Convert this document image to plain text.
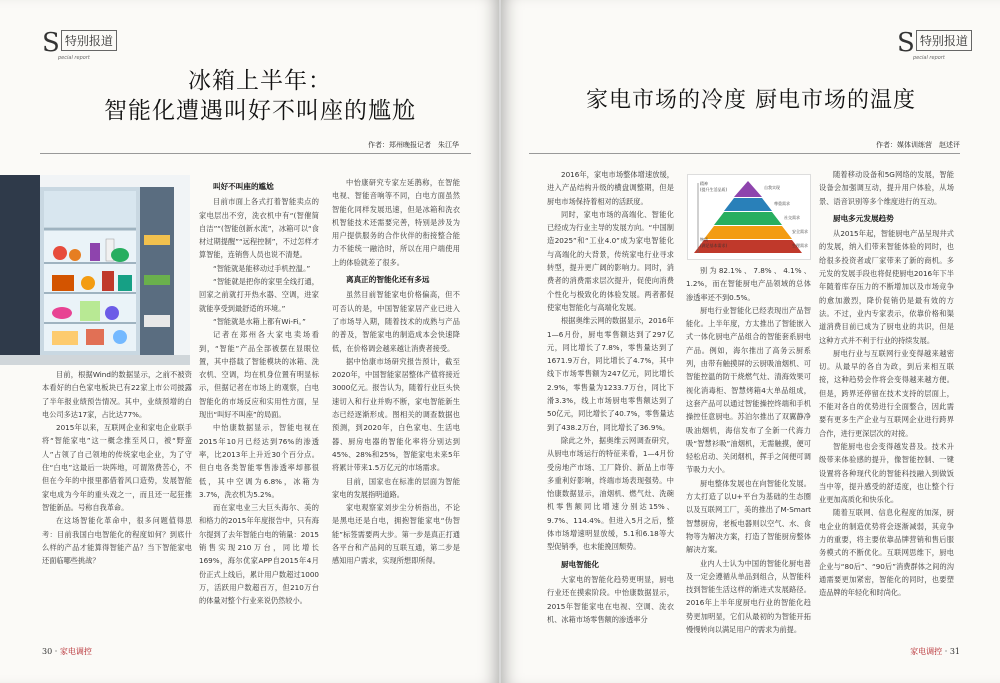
S 特别报道
pecial report
冰箱上半年：
智能化遭遇叫好不叫座的尴尬
作者：郑州晚报记者　朱江华

目前，根据Wind的数据显示，之前不被资本看好的白色家电板块已有22家上市公司披露了半年报业绩预告情况。其中，业绩预增的白电公司多达17家，占比达77%。

2015年以来，互联网企业和家电企业联手将“智能家电”这一概念推至风口，被“野蛮人”占领了自己领地的传统家电企业，为了守住“白电”这最后一块阵地，可谓煞费苦心，不但在今年的中报里都借着风口造势，发展智能家电成为今年的重头戏之一，而且还一起狂推智能新品。号称自我革命。

在这场智能化革命中，很多问题值得思考：目前我国白电智能化的程度如何？到底什么样的产品才能算得智能产品？当下智能家电还面临哪些挑战？

叫好不叫座的尴尬

目前市面上各式打着智能卖点的家电层出不穷，洗衣机中有“(智催简自洁”“(智能创新水流”，冰箱可以“食材过期提醒”“远程控制”，不过怎样才算智能，连销售人员也说不清楚。

“智能就是能移动过手机控温。”

“智能就是把你的家里全线打通，回家之前就打开热水器、空调，进家就能享受到最舒适的环境。”

“智能就是水箱上都有Wi-Fi。”

记者在郑州各大家电卖场看到，“智能”产品全部被摆在显眼位置，其中搭载了智能模块的冰箱、洗衣机、空调，均在机身位置有明显标示，但据记者在市场上的观察，白电智能化的市场反应和实用性方面，呈现出“叫好不叫座”的局面。

中怡康数据显示，智能电视在2015年10月已经达到76%的渗透率，比2013年上升近30个百分点。但白电各类智能零售渗透率却都很低，其中空调为6.8%，冰箱为3.7%，洗衣机为5.2%。

而在家电业三大巨头海尔、美的和格力的2015年年度报告中，只有海尔提到了去年智能白电的销量：2015销售实现210万台，同比增长169%，海尔优家APP自2015年4月份正式上线后，累计用户数超过1000万，活跃用户数超百万，但210万台的体量对整个行业来说仍然较小。

中怡康研究专家左延鹊称，在智能电视、智能音响等不同，白电方面虽然智能化同样发展迅速，但是冰箱和洗衣机智能技术还需要完善，特别是涉及为用户提供服务的合作伙伴的衔接整合能力不能统一融洽时，所以在用户端使用上的体验就差了很多。

离真正的智能化还有多远

虽然目前智能家电价格偏高，但不可否认的是，中国智能家居产业已进入了市场导入期，随着技术的成熟与产品的普及，智能家电的制造成本会快速降低，在价格调会越来越让消费者接受。

据中怡康市场研究报告预计，截至2020年，中国智能家居整体产值将接近3000亿元。报告认为，随着行业巨头快速切入和行业并购不断，家电智能新生态已经逐渐形成。图相关的调查数据也预测，到2020年，白色家电、生活电器、厨房电器的智能化率将分别达到45%、28%和25%，智能家电未来5年将累计带来1.5万亿元的市场需求。

目前，国家也在标准的层面为智能家电的发展指明道路。

家电观察家刘步尘分析指出，不论是黑电还是白电，拥抱智能家电“伪智能”标签需要两大步。第一步是真正打通各平台和产品间的互联互通，第二步是感知用户需求，实现所想即所得。

30 · 家电调控
S 特别报道
pecial report
家电市场的冷度 厨电市场的温度
作者：媒体训练营　赵述评

2016年，家电市场整体增速放缓，进入产品结构升级的横盘调整期，但是厨电市场保持着相对的活跃度。

同时，家电市场的高端化、智能化已经成为行业主导的发展方向。“中国制造2025”和“工业4.0”成为家电智能化与高端化的大背景，传统家电行业寻求转型，提升更广阔的影响力。同时，消费者的消费需求层次提升，促使向消费个性化与极致化的体验发展。两者都促使家电智能化与高端化发展。

根据奥维云网的数据显示，2016年1—6月份，厨电零售额达到了297亿元，同比增长了7.8%，零售量达到了1671.9万台，同比增长了4.7%，其中线下市场零售额为247亿元，同比增长2.9%，零售量为1233.7万台，同比下滑3.3%，线上市场厨电零售额达到了50亿元，同比增长了40.7%，零售量达到了438.2万台，同比增长了36.9%。

除此之外，据奥维云网调查研究，从厨电市场运行的特征来看，1—4月份受房地产市场、工厂降价、新品上市等多重利好影响，终端市场表现强势。中怡康数据显示，油烟机、燃气灶、洗碗机零售额同比增速分别达15%、9.7%、114.4%。但进入5月之后，整体市场增速明显放缓，5.1和6.18等大型促销季，也未能挽回颓势。

厨电智能化

大家电的智能化趋势更明显，厨电行业还在摸索阶段。中怡康数据显示，2015年智能家电在电视、空调、洗衣机、冰箱市场零售额的渗透率分

别为82.1%、7.8%、4.1%、1.2%，而在智能厨电产品领域的总体渗透率还不到0.5%。

厨电行业智能化已经表现出产品智能化。上半年度，方太推出了智能嵌入式一体化厨电产品组合的智能套系厨电产品。例如，海尔推出了高务云厨系列，由带有触摸屏的云厨吸油烟机、可智能控温的防干烧燃气灶、清海效果可视化消毒柜、智慧烤箱4大单品组成，这套产品可以通过智能操控终端和手机操控任意厨电。苏泊尔推出了双翼静净吸油烟机，海信发布了全新一代海力吸“智慧衫吸”油烟机，无需触摸，便可轻松启动、关闭烟机，挥手之间便可调节吸力大小。

厨电整体发展也在向智能化发展。方太打造了以U+平台为基础的生态圈以及互联网工厂，美的推出了M-Smart智慧厨房，老板电器则以空气、水、食物等为解决方案，打造了智能厨房整体解决方案。

业内人士认为中国的智能化厨电普及一定会遵循从单品到组合，从智能科技到智能生活这样的渐进式发展路径。2016年上半年度厨电行业的智能化趋势更加明显，它们从最初的为智能开拓慢慢转向以满足用户的需求为前提。

随着移动设备和5G网络的发展，智能设备会加强调互动，提升用户体验，从场景、语音识别等多个维度进行的互动。

厨电多元发展趋势

从2015年起，智能厨电产品呈现井式的发展，纳入们带来智能体验的同时，也给很多投资者或厂家带来了新的商机。多元发的发展手段也将促使厨电2016年下半年随着库存压力的不断增加以及市场竞争的愈加激烈，降价促销仍是最有效的方法。不过，业内专家表示，依靠价格和渠道消费目前已成为了厨电业的共识，但是这种方式并不利于行业的持续发展。

厨电行业与互联网行业变得越来越密切。从最早的各自为政，到后来相互联接，这种趋势会作将会变得越来越方便。但是，跨界还停留在技术支持的层面上，不能对各自的优势进行全面整合，因此需要有更多生产企业与互联网企业进行跨界合作，进行更深层次的对接。

智能厨电也会变得越发普及。技术升级带来体验感的提升，像智能控制、一键设置将各种现代化的智能科技融入到做饭当中等，提升感受的舒适度，也让整个行业更加高质化和快乐化。

随着互联网、信息化程度的加深，厨电企业的制造优势将会逐渐减弱，其竞争力的重要，将主要依靠品牌营销和售后服务模式的不断优化。互联网思维下，厨电企业与“80后”、“90后”消费群体之间的沟通需要更加紧密，智能化的同时，也要塑造品牌的年轻化和时尚化。

家电调控 · 31
精神
(提升生活品质)
物质
(满足基本需求)
自我实现
尊重需求
社交需求
安全需求
生理需求
